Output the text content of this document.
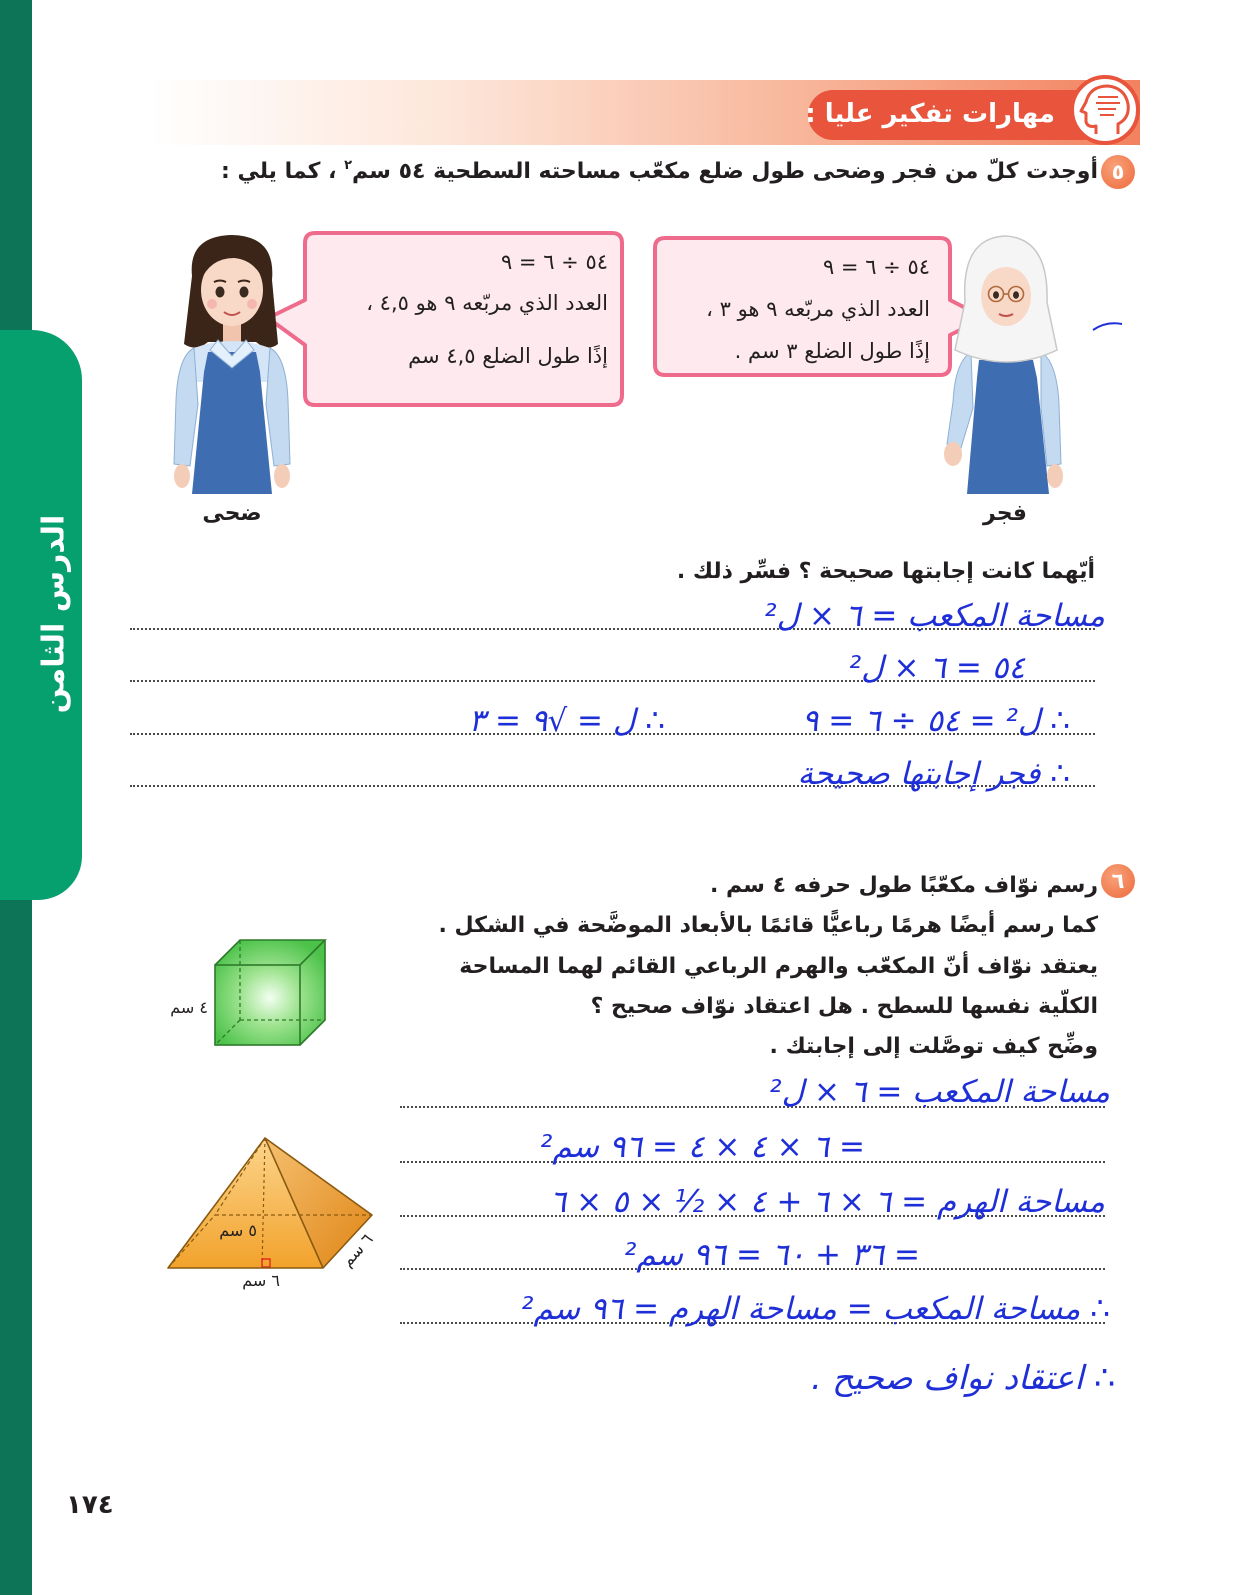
الدرس الثامن
مهارات تفكير عليا :
٥
أوجدت كلّ من فجر وضحى طول ضلع مكعّب مساحته السطحية ٥٤ سم$^٢$ ، كما يلي :
٥٤ ÷ ٦ = ٩
العدد الذي مربّعه ٩ هو ٤,٥ ،
إذًا طول الضلع ٤,٥ سم
٥٤ ÷ ٦ = ٩
العدد الذي مربّعه ٩ هو ٣ ،
إذًا طول الضلع ٣ سم .
ضحى	فجر
أيّهما كانت إجابتها صحيحة ؟ فسِّر ذلك .
مساحة المكعب = ٦ × ل²
٥٤ = ٦ × ل²
∴ ل² = ٥٤ ÷ ٦ = ٩
∴ ل = √٩ = ٣
∴ فجر إجابتها صحيحة
٦
رسم نوّاف مكعّبًا طول حرفه ٤ سم .
كما رسم أيضًا هرمًا رباعيًّا قائمًا بالأبعاد الموضَّحة في الشكل .
يعتقد نوّاف أنّ المكعّب والهرم الرباعي القائم لهما المساحة
الكلّية نفسها للسطح . هل اعتقاد نوّاف صحيح ؟
وضِّح كيف توصَّلت إلى إجابتك .
٤ سم
٥ سم
٦ سم
٦ سم
مساحة المكعب = ٦ × ل²
= ٦ × ٤ × ٤ = ٩٦ سم²
مساحة الهرم = ٦ × ٦ + ٤ × ½ × ٥ × ٦
= ٣٦ + ٦٠ = ٩٦ سم²
∴ مساحة المكعب = مساحة الهرم = ٩٦ سم²
∴ اعتقاد نواف صحيح .
١٧٤
